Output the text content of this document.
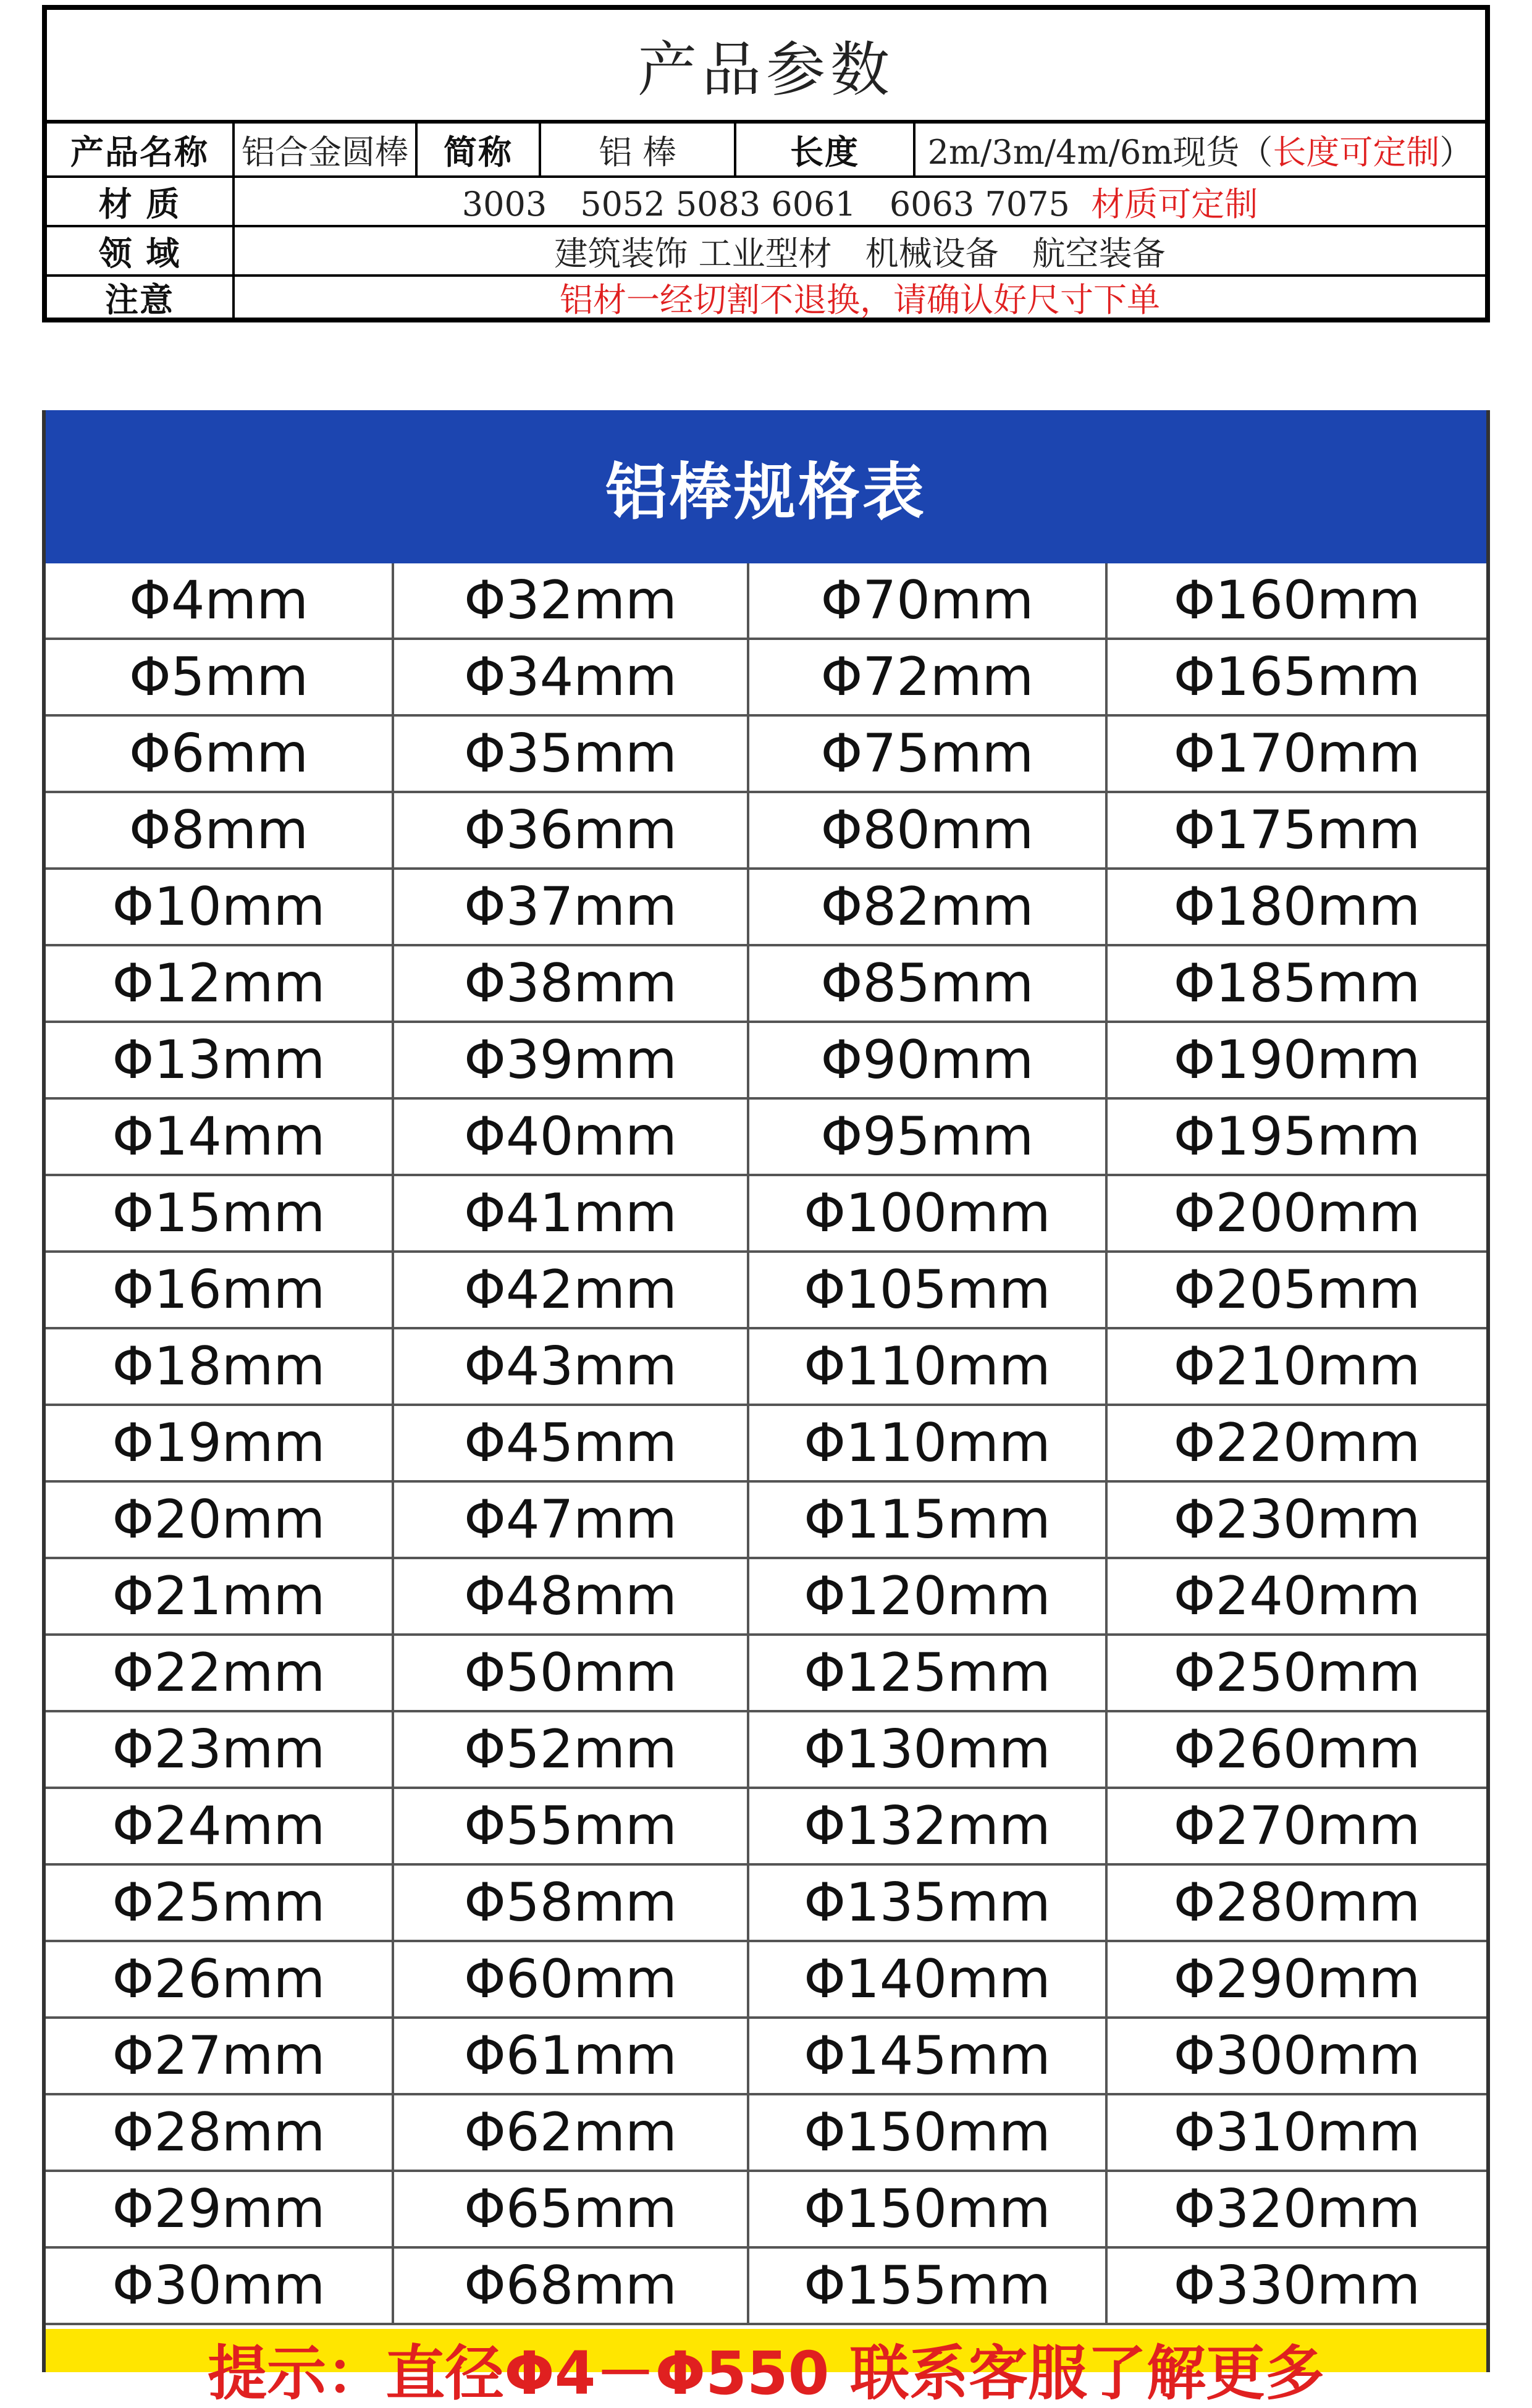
产品参数
产品名称 铝合金圆棒	简称	铝 棒	长度	2m/3m/4m/6m现货（ 长度可定制 ）
材 质	3003　5052 5083 6061　6063 7075
材质可定制
领 域	建筑装饰 工业型材　机械设备　航空装备
注意	铝材一经切割不退换，请确认好尺寸下单
铝棒规格表
Φ4mm	Φ32mm	Φ70mm	Φ160mm
Φ5mm	Φ34mm	Φ72mm	Φ165mm
Φ6mm	Φ35mm	Φ75mm	Φ170mm
Φ8mm	Φ36mm	Φ80mm	Φ175mm
Φ10mm	Φ37mm	Φ82mm	Φ180mm
Φ12mm	Φ38mm	Φ85mm	Φ185mm
Φ13mm	Φ39mm	Φ90mm	Φ190mm
Φ14mm	Φ40mm	Φ95mm	Φ195mm
Φ15mm	Φ41mm	Φ100mm	Φ200mm
Φ16mm	Φ42mm	Φ105mm	Φ205mm
Φ18mm	Φ43mm	Φ110mm	Φ210mm
Φ19mm	Φ45mm	Φ110mm	Φ220mm
Φ20mm	Φ47mm	Φ115mm	Φ230mm
Φ21mm	Φ48mm	Φ120mm	Φ240mm
Φ22mm	Φ50mm	Φ125mm	Φ250mm
Φ23mm	Φ52mm	Φ130mm	Φ260mm
Φ24mm	Φ55mm	Φ132mm	Φ270mm
Φ25mm	Φ58mm	Φ135mm	Φ280mm
Φ26mm	Φ60mm	Φ140mm	Φ290mm
Φ27mm	Φ61mm	Φ145mm	Φ300mm
Φ28mm	Φ62mm	Φ150mm	Φ310mm
Φ29mm	Φ65mm	Φ150mm	Φ320mm
Φ30mm	Φ68mm	Φ155mm	Φ330mm
提示：直径Φ4－Φ550 联系客服了解更多
